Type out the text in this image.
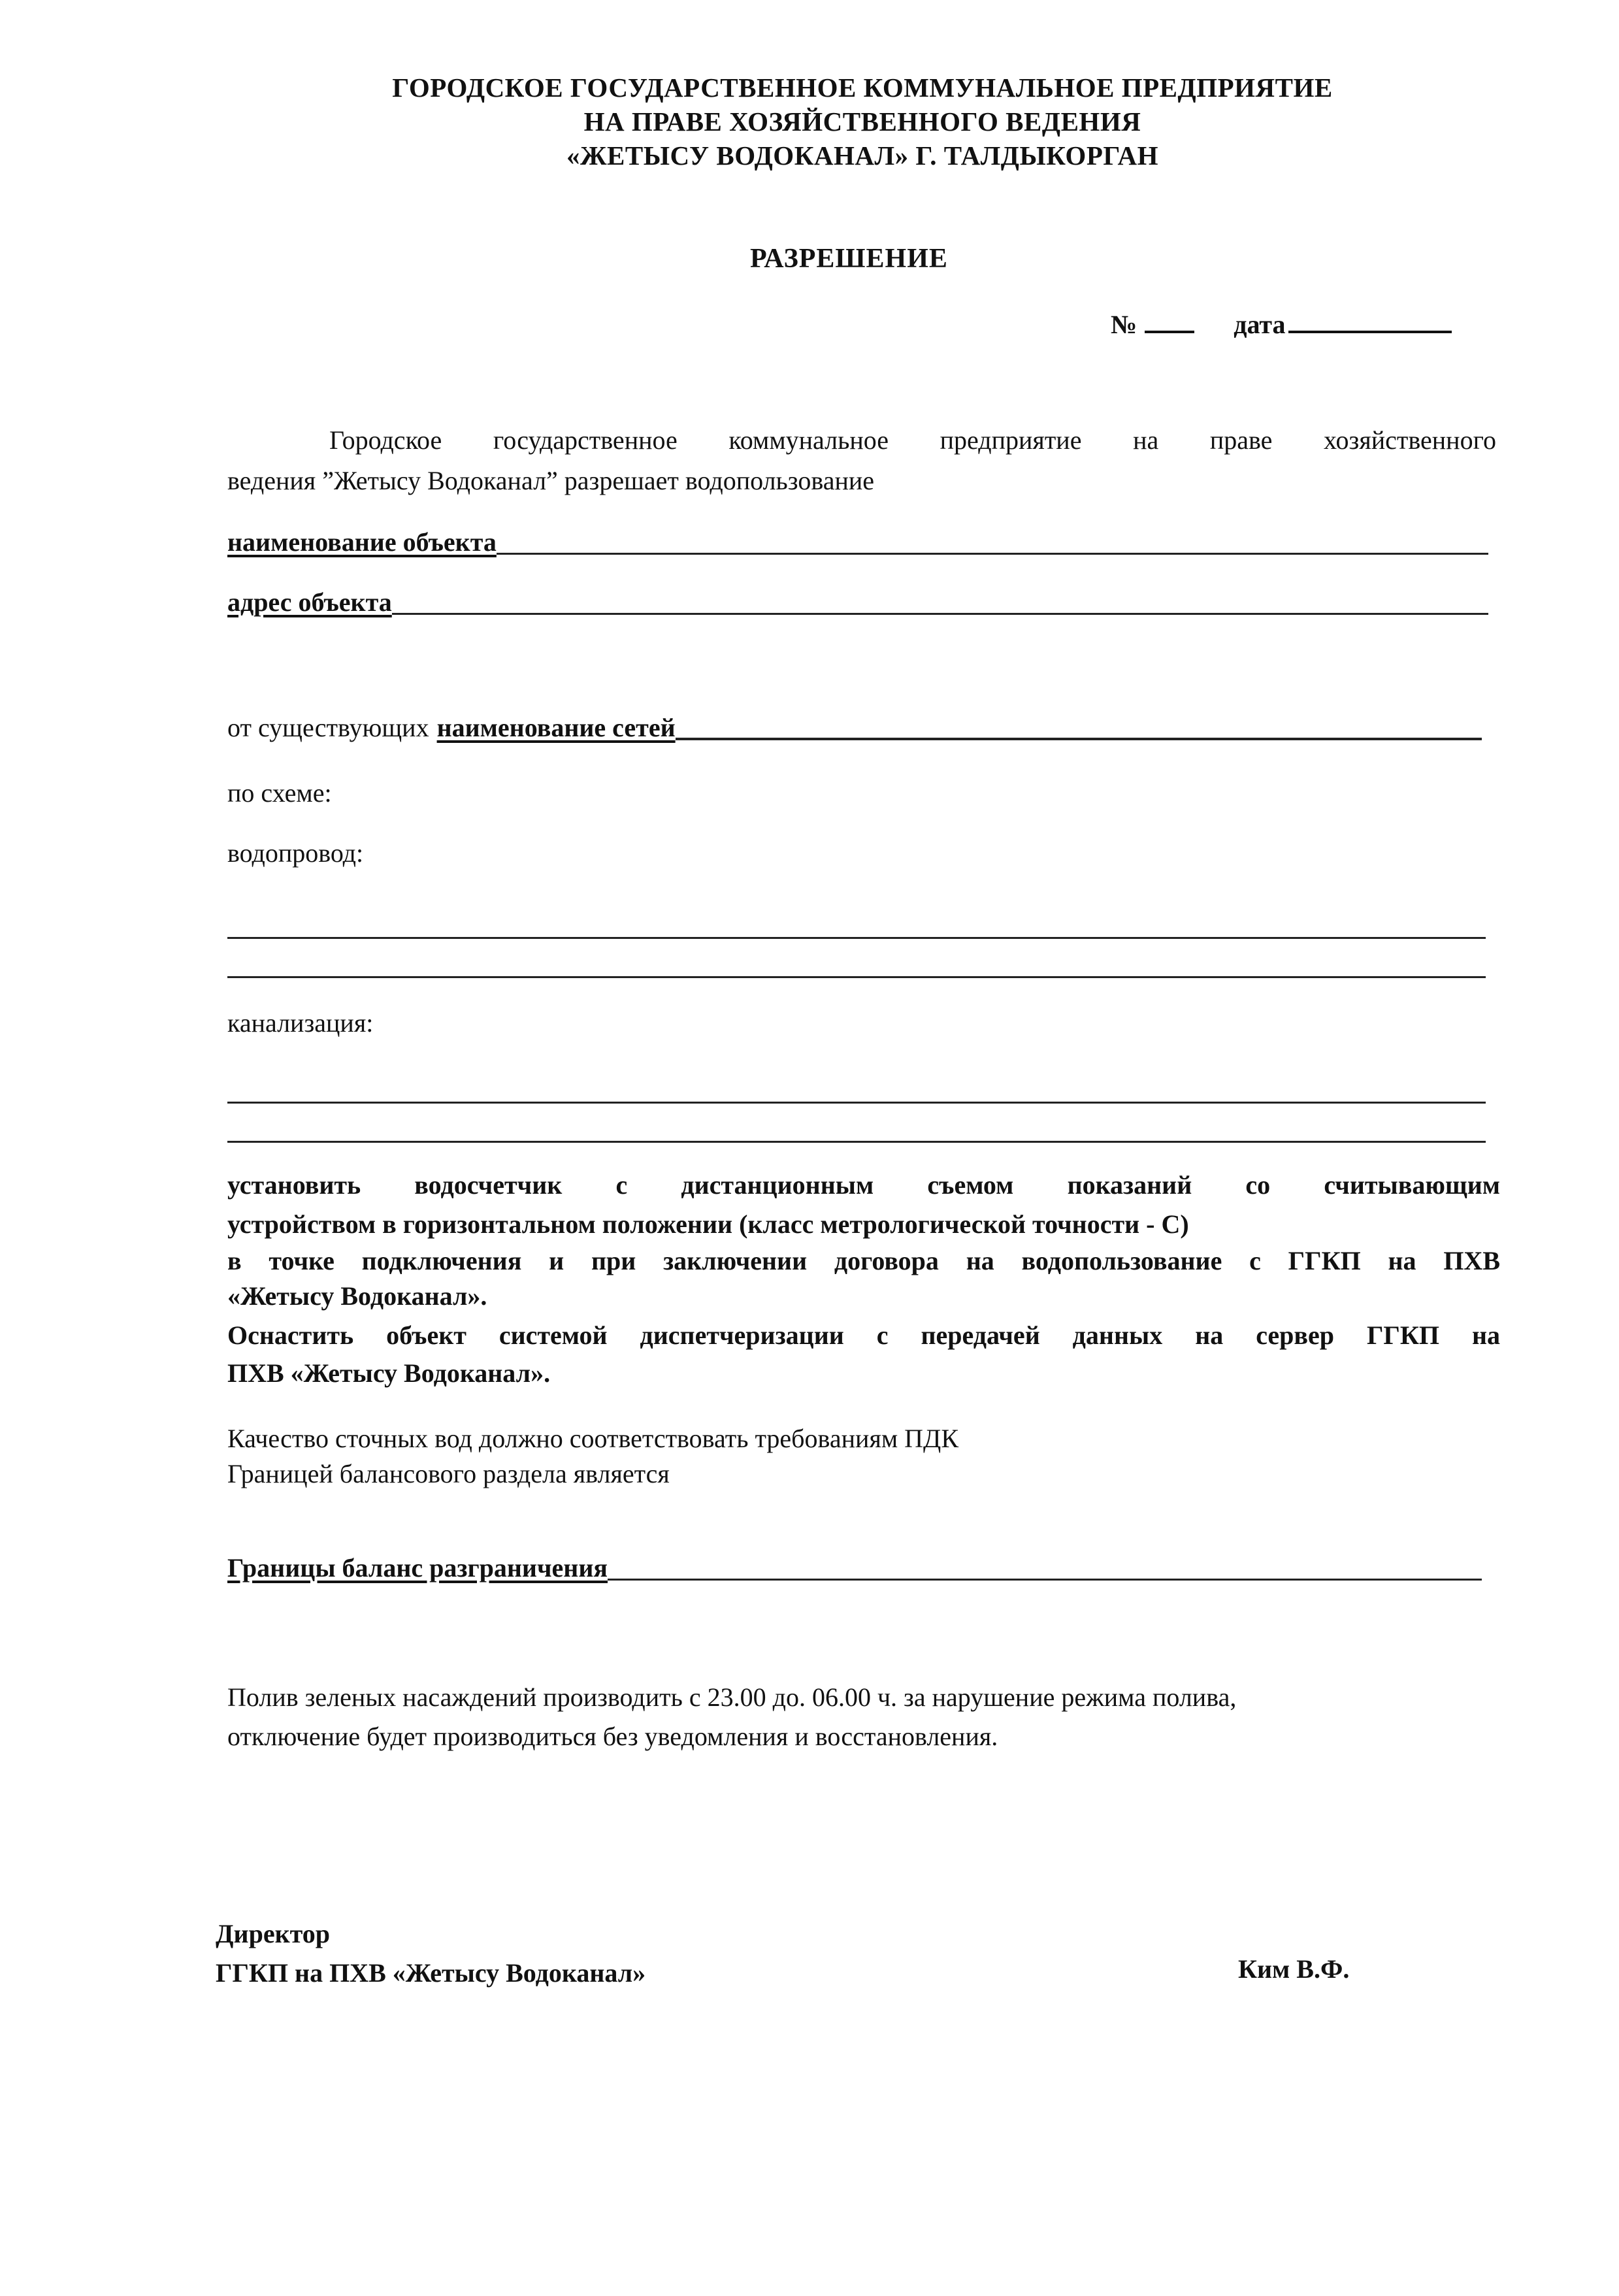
ГОРОДСКОЕ ГОСУДАРСТВЕННОЕ КОММУНАЛЬНОЕ ПРЕДПРИЯТИЕ
НА ПРАВЕ ХОЗЯЙСТВЕННОГО ВЕДЕНИЯ
«ЖЕТЫСУ ВОДОКАНАЛ» Г. ТАЛДЫКОРГАН
РАЗРЕШЕНИЕ
№	дата
Городское государственное коммунальное предприятие на праве хозяйственного
ведения ”Жетысу Водоканал” разрешает водопользование
наименование объекта
адрес объекта
от существующих наименование сетей
по схеме:
водопровод:
канализация:
установить водосчетчик с дистанционным съемом показаний со считывающим
устройством в горизонтальном положении (класс метрологической точности - С)
в точке подключения и при заключении договора на водопользование с ГГКП на ПХВ
«Жетысу Водоканал».
Оснастить объект системой диспетчеризации с передачей данных на сервер ГГКП на
ПХВ «Жетысу Водоканал».
Качество сточных вод должно соответствовать требованиям ПДК
Границей балансового раздела является
Границы баланс разграничения
Полив зеленых насаждений производить с 23.00 до. 06.00 ч. за нарушение режима полива,
отключение будет производиться без уведомления и восстановления.
Директор
ГГКП на ПХВ «Жетысу Водоканал»	Ким В.Ф.
